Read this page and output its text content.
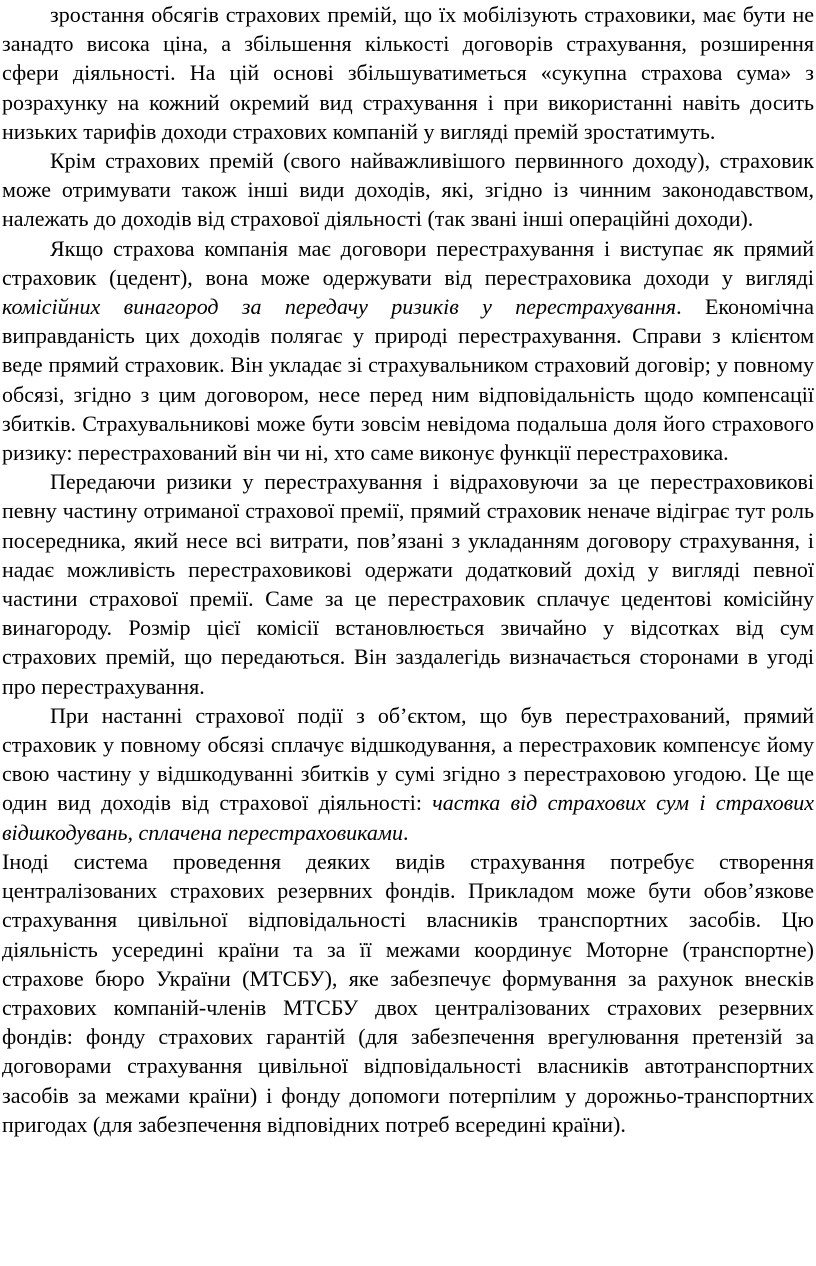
зростання обсягів страхових премій, що їх мобілізують страховики, має бути не занадто висока ціна, а збільшення кількості договорів страхування, розширення сфери діяльності. На цій основі збільшуватиметься «сукупна страхова сума» з розрахунку на кожний окремий вид страхування і при використанні навіть досить низьких тарифів доходи страхових компаній у вигляді премій зростатимуть.

Крім страхових премій (свого найважливішого первинного доходу), страховик може отримувати також інші види доходів, які, згідно із чинним законодавством, належать до доходів від страхової діяльності (так звані інші операційні доходи).

Якщо страхова компанія має договори перестрахування і виступає як прямий страховик (цедент), вона може одержувати від перестраховика доходи у вигляді комісійних винагород за передачу ризиків у перестрахування. Економічна виправданість цих доходів полягає у природі перестрахування. Справи з клієнтом веде прямий страховик. Він укладає зі страхувальником страховий договір; у повному обсязі, згідно з цим договором, несе перед ним відповідальність щодо компенсації збитків. Страхувальникові може бути зовсім невідома подальша доля його страхового ризику: перестрахований він чи ні, хто саме виконує функції перестраховика.

Передаючи ризики у перестрахування і відраховуючи за це перестраховикові певну частину отриманої страхової премії, прямий страховик неначе відіграє тут роль посередника, який несе всі витрати, пов’язані з укладанням договору страхування, і надає можливість перестраховикові одержати додатковий дохід у вигляді певної частини страхової премії. Саме за це перестраховик сплачує цедентові комісійну винагороду. Розмір цієї комісії встановлюється звичайно у відсотках від сум страхових премій, що передаються. Він заздалегідь визначається сторонами в угоді про перестрахування.

При настанні страхової події з об’єктом, що був перестрахований, прямий страховик у повному обсязі сплачує відшкодування, а перестраховик компенсує йому свою частину у відшкодуванні збитків у сумі згідно з перестраховою угодою. Це ще один вид доходів від страхової діяльності: частка від страхових сум і страхових відшкодувань, сплачена перестраховиками.

Іноді система проведення деяких видів страхування потребує створення централізованих страхових резервних фондів. Прикладом може бути обов’язкове страхування цивільної відповідальності власників транспортних засобів. Цю діяльність усередині країни та за її межами координує Моторне (транспортне) страхове бюро України (МТСБУ), яке забезпечує формування за рахунок внесків страхових компаній-членів МТСБУ двох централізованих страхових резервних фондів: фонду страхових гарантій (для забезпечення врегулювання претензій за договорами страхування цивільної відповідальності власників автотранспортних засобів за межами країни) і фонду допомоги потерпілим у дорожньо-транспортних пригодах (для забезпечення відповідних потреб всередині країни).
